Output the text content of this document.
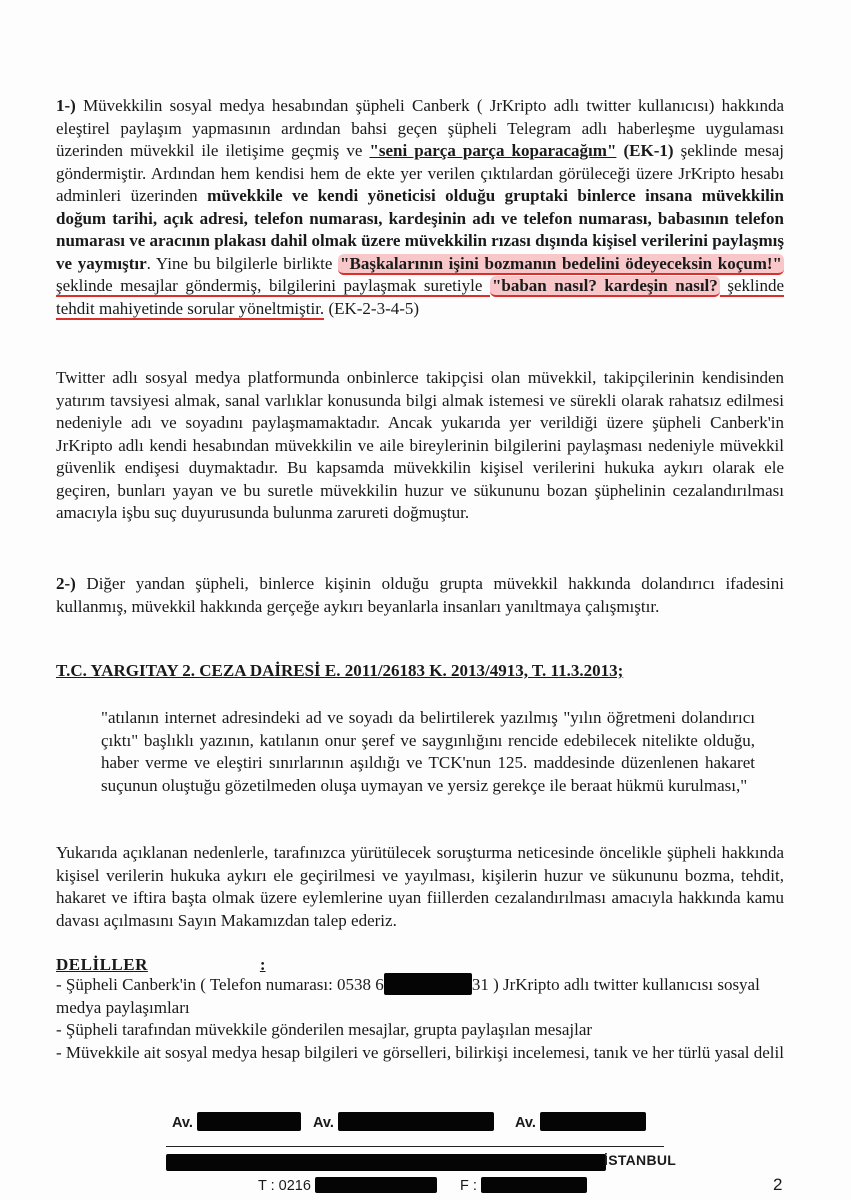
1-) Müvekkilin sosyal medya hesabından şüpheli Canberk ( JrKripto adlı twitter kullanıcısı) hakkında eleştirel paylaşım yapmasının ardından bahsi geçen şüpheli Telegram adlı haberleşme uygulaması üzerinden müvekkil ile iletişime geçmiş ve "seni parça parça koparacağım" (EK-1) şeklinde mesaj göndermiştir. Ardından hem kendisi hem de ekte yer verilen çıktılardan görüleceği üzere JrKripto hesabı adminleri üzerinden müvekkile ve kendi yöneticisi olduğu gruptaki binlerce insana müvekkilin doğum tarihi, açık adresi, telefon numarası, kardeşinin adı ve telefon numarası, babasının telefon numarası ve aracının plakası dahil olmak üzere müvekkilin rızası dışında kişisel verilerini paylaşmış ve yaymıştır. Yine bu bilgilerle birlikte "Başkalarının işini bozmanın bedelini ödeyeceksin koçum!" şeklinde mesajlar göndermiş, bilgilerini paylaşmak suretiyle "baban nasıl? kardeşin nasıl? şeklinde tehdit mahiyetinde sorular yöneltmiştir. (EK-2-3-4-5)

Twitter adlı sosyal medya platformunda onbinlerce takipçisi olan müvekkil, takipçilerinin kendisinden yatırım tavsiyesi almak, sanal varlıklar konusunda bilgi almak istemesi ve sürekli olarak rahatsız edilmesi nedeniyle adı ve soyadını paylaşmamaktadır. Ancak yukarıda yer verildiği üzere şüpheli Canberk'in JrKripto adlı kendi hesabından müvekkilin ve aile bireylerinin bilgilerini paylaşması nedeniyle müvekkil güvenlik endişesi duymaktadır. Bu kapsamda müvekkilin kişisel verilerini hukuka aykırı olarak ele geçiren, bunları yayan ve bu suretle müvekkilin huzur ve sükununu bozan şüphelinin cezalandırılması amacıyla işbu suç duyurusunda bulunma zarureti doğmuştur.

2-) Diğer yandan şüpheli, binlerce kişinin olduğu grupta müvekkil hakkında dolandırıcı ifadesini kullanmış, müvekkil hakkında gerçeğe aykırı beyanlarla insanları yanıltmaya çalışmıştır.

T.C. YARGITAY 2. CEZA DAİRESİ E. 2011/26183 K. 2013/4913, T. 11.3.2013;
"atılanın internet adresindeki ad ve soyadı da belirtilerek yazılmış "yılın öğretmeni dolandırıcı çıktı" başlıklı yazının, katılanın onur şeref ve saygınlığını rencide edebilecek nitelikte olduğu, haber verme ve eleştiri sınırlarının aşıldığı ve TCK'nun 125. maddesinde düzenlenen hakaret suçunun oluştuğu gözetilmeden oluşa uymayan ve yersiz gerekçe ile beraat hükmü kurulması,"

Yukarıda açıklanan nedenlerle, tarafınızca yürütülecek soruşturma neticesinde öncelikle şüpheli hakkında kişisel verilerin hukuka aykırı ele geçirilmesi ve yayılması, kişilerin huzur ve sükununu bozma, tehdit, hakaret ve iftira başta olmak üzere eylemlerine uyan fiillerden cezalandırılması amacıyla hakkında kamu davası açılmasını Sayın Makamızdan talep ederiz.

DELİLLER	:
- Şüpheli Canberk'in ( Telefon numarası: 0538 6	31 ) JrKripto adlı twitter kullanıcısı sosyal medya paylaşımları
- Şüpheli tarafından müvekkile gönderilen mesajlar, grupta paylaşılan mesajlar
- Müvekkile ait sosyal medya hesap bilgileri ve görselleri, bilirkişi incelemesi, tanık ve her türlü yasal delil
Av.	Av.	Av.
İSTANBUL
T : 0216	F :	2
